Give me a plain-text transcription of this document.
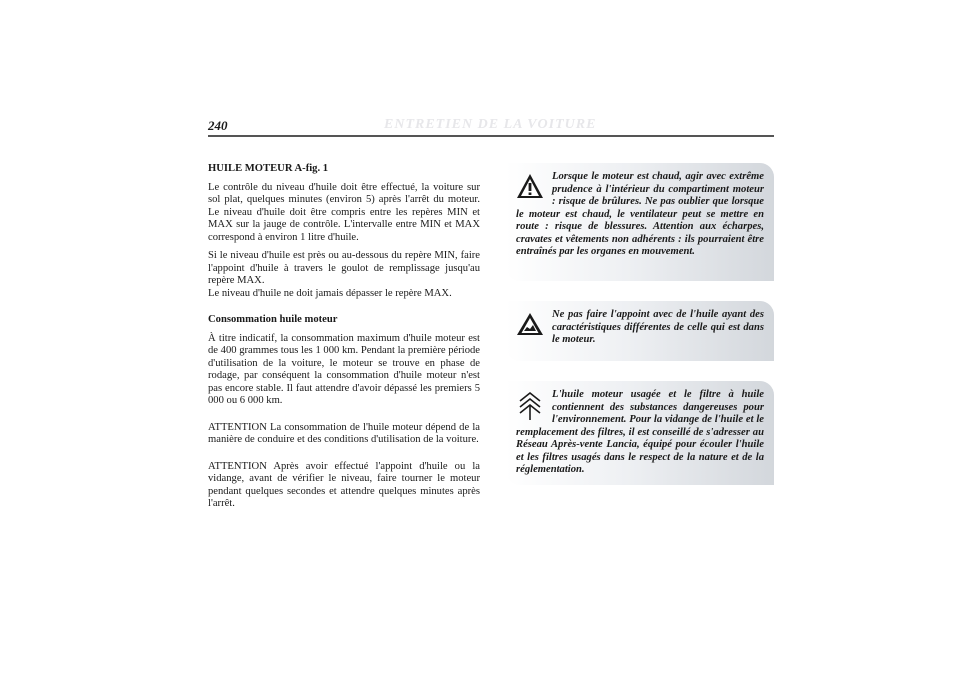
240	ENTRETIEN DE LA VOITURE

HUILE MOTEUR A-fig. 1

Le contrôle du niveau d'huile doit être effectué, la voiture sur sol plat, quelques minutes (environ 5) après l'arrêt du moteur. Le niveau d'huile doit être compris entre les repères MIN et MAX sur la jauge de contrôle. L'intervalle entre MIN et MAX correspond à environ 1 litre d'huile.

Si le niveau d'huile est près ou au-dessous du repère MIN, faire l'appoint d'huile à travers le goulot de remplissage jusqu'au repère MAX.

Le niveau d'huile ne doit jamais dépasser le repère MAX.

Consommation huile moteur

À titre indicatif, la consommation maximum d'huile moteur est de 400 grammes tous les 1 000 km. Pendant la première période d'utilisation de la voiture, le moteur se trouve en phase de rodage, par conséquent la consommation d'huile moteur n'est pas encore stable. Il faut attendre d'avoir dépassé les premiers 5 000 ou 6 000 km.

ATTENTION La consommation de l'huile moteur dépend de la manière de conduire et des conditions d'utilisation de la voiture.

ATTENTION Après avoir effectué l'appoint d'huile ou la vidange, avant de vérifier le niveau, faire tourner le moteur pendant quelques secondes et attendre quelques minutes après l'arrêt.

Lorsque le moteur est chaud, agir avec extrême prudence à l'intérieur du compartiment moteur : risque de brûlures. Ne pas oublier que lorsque le moteur est chaud, le ventilateur peut se mettre en route : risque de blessures. Attention aux écharpes, cravates et vêtements non adhérents : ils pourraient être entraînés par les organes en mouvement.
Ne pas faire l'appoint avec de l'huile ayant des caractéristiques différentes de celle qui est dans le moteur.
L'huile moteur usagée et le filtre à huile contiennent des substances dangereuses pour l'environnement. Pour la vidange de l'huile et le remplacement des filtres, il est conseillé de s'adresser au Réseau Après-vente Lancia, équipé pour écouler l'huile et les filtres usagés dans le respect de la nature et de la réglementation.
